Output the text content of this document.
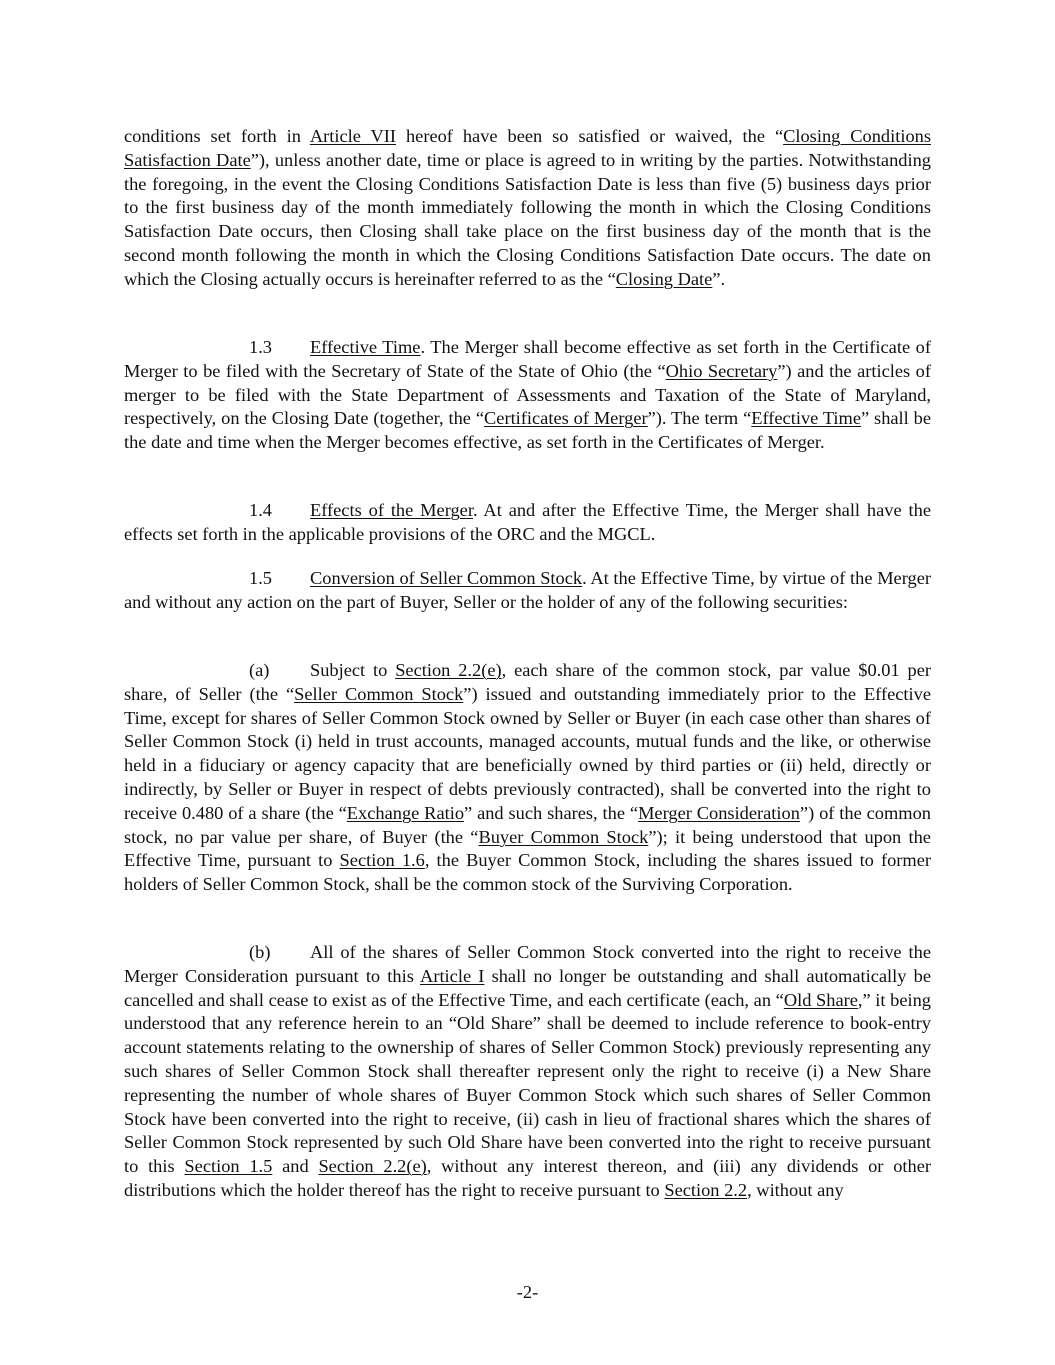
conditions set forth in Article VII hereof have been so satisfied or waived, the “Closing Conditions Satisfaction Date”), unless another date, time or place is agreed to in writing by the parties. Notwithstanding the foregoing, in the event the Closing Conditions Satisfaction Date is less than five (5) business days prior to the first business day of the month immediately following the month in which the Closing Conditions Satisfaction Date occurs, then Closing shall take place on the first business day of the month that is the second month following the month in which the Closing Conditions Satisfaction Date occurs. The date on which the Closing actually occurs is hereinafter referred to as the “Closing Date”.

1.3 Effective Time. The Merger shall become effective as set forth in the Certificate of Merger to be filed with the Secretary of State of the State of Ohio (the “Ohio Secretary”) and the articles of merger to be filed with the State Department of Assessments and Taxation of the State of Maryland, respectively, on the Closing Date (together, the “Certificates of Merger”). The term “Effective Time” shall be the date and time when the Merger becomes effective, as set forth in the Certificates of Merger.

1.4 Effects of the Merger. At and after the Effective Time, the Merger shall have the effects set forth in the applicable provisions of the ORC and the MGCL.

1.5 Conversion of Seller Common Stock. At the Effective Time, by virtue of the Merger and without any action on the part of Buyer, Seller or the holder of any of the following securities:

(a) Subject to Section 2.2(e), each share of the common stock, par value $0.01 per share, of Seller (the “Seller Common Stock”) issued and outstanding immediately prior to the Effective Time, except for shares of Seller Common Stock owned by Seller or Buyer (in each case other than shares of Seller Common Stock (i) held in trust accounts, managed accounts, mutual funds and the like, or otherwise held in a fiduciary or agency capacity that are beneficially owned by third parties or (ii) held, directly or indirectly, by Seller or Buyer in respect of debts previously contracted), shall be converted into the right to receive 0.480 of a share (the “Exchange Ratio” and such shares, the “Merger Consideration”) of the common stock, no par value per share, of Buyer (the “Buyer Common Stock”); it being understood that upon the Effective Time, pursuant to Section 1.6, the Buyer Common Stock, including the shares issued to former holders of Seller Common Stock, shall be the common stock of the Surviving Corporation.

(b) All of the shares of Seller Common Stock converted into the right to receive the Merger Consideration pursuant to this Article I shall no longer be outstanding and shall automatically be cancelled and shall cease to exist as of the Effective Time, and each certificate (each, an “Old Share,” it being understood that any reference herein to an “Old Share” shall be deemed to include reference to book-entry account statements relating to the ownership of shares of Seller Common Stock) previously representing any such shares of Seller Common Stock shall thereafter represent only the right to receive (i) a New Share representing the number of whole shares of Buyer Common Stock which such shares of Seller Common Stock have been converted into the right to receive, (ii) cash in lieu of fractional shares which the shares of Seller Common Stock represented by such Old Share have been converted into the right to receive pursuant to this Section 1.5 and Section 2.2(e), without any interest thereon, and (iii) any dividends or other distributions which the holder thereof has the right to receive pursuant to Section 2.2, without any

-2-
